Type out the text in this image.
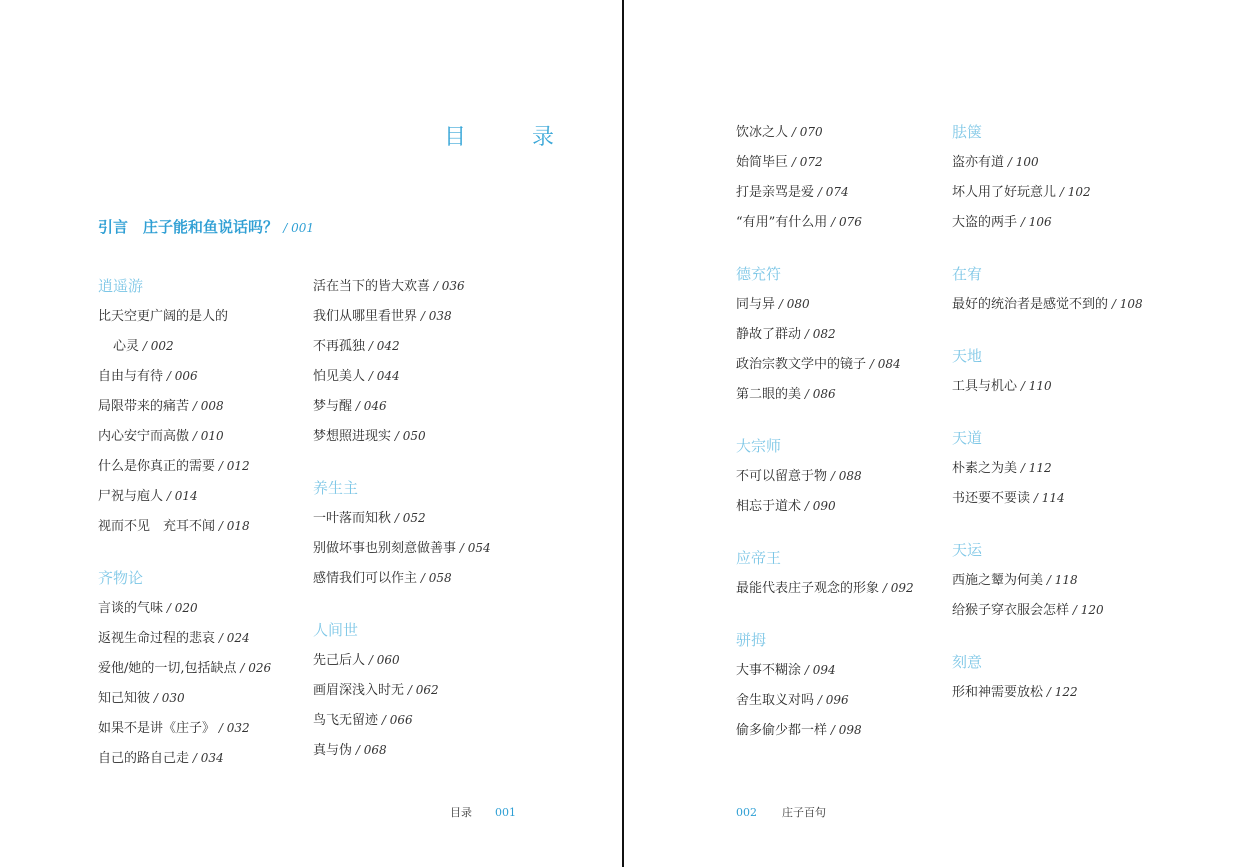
目　录
引言　庄子能和鱼说话吗？ / 001
逍遥游
比天空更广阔的是人的
心灵 / 002
自由与有待 / 006
局限带来的痛苦 / 008
内心安宁而高傲 / 010
什么是你真正的需要 / 012
尸祝与庖人 / 014
视而不见　充耳不闻 / 018
齐物论
言谈的气味 / 020
返视生命过程的悲哀 / 024
爱他/她的一切,包括缺点 / 026
知己知彼 / 030
如果不是讲《庄子》 / 032
自己的路自己走 / 034
活在当下的皆大欢喜 / 036
我们从哪里看世界 / 038
不再孤独 / 042
怕见美人 / 044
梦与醒 / 046
梦想照进现实 / 050
养生主
一叶落而知秋 / 052
别做坏事也别刻意做善事 / 054
感情我们可以作主 / 058
人间世
先己后人 / 060
画眉深浅入时无 / 062
鸟飞无留迹 / 066
真与伪 / 068
目录 001
饮冰之人 / 070
始简毕巨 / 072
打是亲骂是爱 / 074
“有用”有什么用 / 076
德充符
同与异 / 080
静故了群动 / 082
政治宗教文学中的镜子 / 084
第二眼的美 / 086
大宗师
不可以留意于物 / 088
相忘于道术 / 090
应帝王
最能代表庄子观念的形象 / 092
骈拇
大事不糊涂 / 094
舍生取义对吗 / 096
偷多偷少都一样 / 098
胠箧
盗亦有道 / 100
坏人用了好玩意儿 / 102
大盗的两手 / 106
在宥
最好的统治者是感觉不到的 / 108
天地
工具与机心 / 110
天道
朴素之为美 / 112
书还要不要读 / 114
天运
西施之颦为何美 / 118
给猴子穿衣服会怎样 / 120
刻意
形和神需要放松 / 122
002 庄子百句
